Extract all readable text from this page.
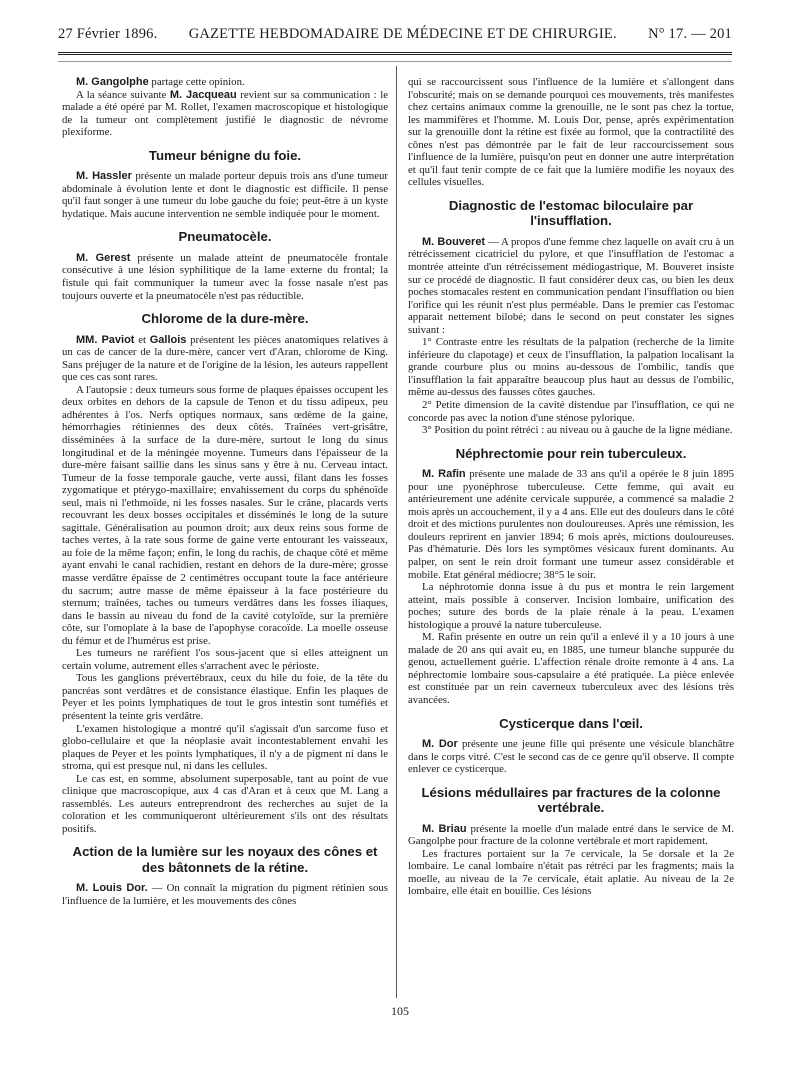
27 Février 1896. GAZETTE HEBDOMADAIRE DE MÉDECINE ET DE CHIRURGIE. N° 17. — 201

M. Gangolphe partage cette opinion.

A la séance suivante M. Jacqueau revient sur sa communication : le malade a été opéré par M. Rollet, l'examen macroscopique et histologique de la tumeur ont complètement justifié le diagnostic de névrome plexiforme.

Tumeur bénigne du foie.

M. Hassler présente un malade porteur depuis trois ans d'une tumeur abdominale à évolution lente et dont le diagnostic est difficile. Il pense qu'il faut songer à une tumeur du lobe gauche du foie; peut-être à un kyste hydatique. Mais aucune intervention ne semble indiquée pour le moment.

Pneumatocèle.

M. Gerest présente un malade atteint de pneumatocèle frontale consécutive à une lésion syphilitique de la lame externe du frontal; la fistule qui fait communiquer la tumeur avec la fosse nasale n'est pas toujours ouverte et la pneumatocèle n'est pas réductible.

Chlorome de la dure-mère.

MM. Paviot et Gallois présentent les pièces anatomiques relatives à un cas de cancer de la dure-mère, cancer vert d'Aran, chlorome de King. Sans préjuger de la nature et de l'origine de la lésion, les auteurs rappellent que ces cas sont rares.

A l'autopsie : deux tumeurs sous forme de plaques épaisses occupent les deux orbites en dehors de la capsule de Tenon et du tissu adipeux, peu adhérentes à l'os. Nerfs optiques normaux, sans œdème de la gaine, hémorrhagies rétiniennes des deux côtés. Traînées vert-grisâtre, disséminées à la surface de la dure-mère, surtout le long du sinus longitudinal et de la méningée moyenne. Tumeurs dans l'épaisseur de la dure-mère faisant saillie dans les sinus sans y être à nu. Cerveau intact. Tumeur de la fosse temporale gauche, verte aussi, filant dans les fosses zygomatique et ptérygo-maxillaire; envahissement du corps du sphénoïde seul, mais ni l'ethmoïde, ni les fosses nasales. Sur le crâne, placards verts recouvrant les deux bosses occipitales et disséminés le long de la suture sagittale. Généralisation au poumon droit; aux deux reins sous forme de taches vertes, à la rate sous forme de gaine verte entourant les vaisseaux, au foie de la même façon; enfin, le long du rachis, de chaque côté et même ayant envahi le canal rachidien, restant en dehors de la dure-mère; grosse masse verdâtre épaisse de 2 centimètres occupant toute la face antérieure du sacrum; autre masse de même épaisseur à la face postérieure du sternum; traînées, taches ou tumeurs verdâtres dans les fosses iliaques, dans le bassin au niveau du fond de la cavité cotyloïde, sur la première côte, sur l'omoplate à la base de l'apophyse coracoïde. La moelle osseuse du fémur et de l'humérus est prise.

Les tumeurs ne raréfient l'os sous-jacent que si elles atteignent un certain volume, autrement elles s'arrachent avec le périoste.

Tous les ganglions prévertébraux, ceux du hile du foie, de la tête du pancréas sont verdâtres et de consistance élastique. Enfin les plaques de Peyer et les points lymphatiques de tout le gros intestin sont tuméfiés et présentent la teinte gris verdâtre.

L'examen histologique a montré qu'il s'agissait d'un sarcome fuso et globo-cellulaire et que la néoplasie avait incontestablement envahi les plaques de Peyer et les points lymphatiques, il n'y a de pigment ni dans le stroma, qui est presque nul, ni dans les cellules.

Le cas est, en somme, absolument superposable, tant au point de vue clinique que macroscopique, aux 4 cas d'Aran et à ceux que M. Lang a rassemblés. Les auteurs entreprendront des recherches au sujet de la coloration et les communiqueront ultérieurement s'ils ont des résultats positifs.

Action de la lumière sur les noyaux des cônes et des bâtonnets de la rétine.

M. Louis Dor. — On connaît la migration du pigment rétinien sous l'influence de la lumière, et les mouvements des cônes

qui se raccourcissent sous l'influence de la lumière et s'allongent dans l'obscurité; mais on se demande pourquoi ces mouvements, très manifestes chez certains animaux comme la grenouille, ne le sont pas chez la tortue, les mammifères et l'homme. M. Louis Dor, pense, après expérimentation sur la grenouille dont la rétine est fixée au formol, que la contractilité des cônes n'est pas démontrée par le fait de leur raccourcissement sous l'influence de la lumière, puisqu'on peut en donner une autre interprétation et qu'il faut tenir compte de ce fait que la lumière modifie les noyaux des cellules visuelles.

Diagnostic de l'estomac biloculaire par l'insufflation.

M. Bouveret — A propos d'une femme chez laquelle on avait cru à un rétrécissement cicatriciel du pylore, et que l'insufflation de l'estomac a montrée atteinte d'un rétrécissement médiogastrique, M. Bouveret insiste sur ce procédé de diagnostic. Il faut considérer deux cas, ou bien les deux poches stomacales restent en communication pendant l'insufflation ou bien l'orifice qui les réunit n'est plus perméable. Dans le premier cas l'estomac apparait nettement bilobé; dans le second on peut constater les signes suivant :

1° Contraste entre les résultats de la palpation (recherche de la limite inférieure du clapotage) et ceux de l'insufflation, la palpation localisant la grande courbure plus ou moins au-dessous de l'ombilic, tandis que l'insufflation la fait apparaître beaucoup plus haut au dessus de l'ombilic, même au-dessus des fausses côtes gauches.

2° Petite dimension de la cavité distendue par l'insufflation, ce qui ne concorde pas avec la notion d'une sténose pylorique.

3° Position du point rétréci : au niveau ou à gauche de la ligne médiane.

Néphrectomie pour rein tuberculeux.

M. Rafin présente une malade de 33 ans qu'il a opérée le 8 juin 1895 pour une pyonéphrose tuberculeuse. Cette femme, qui avait eu antérieurement une adénite cervicale suppurée, a commencé sa maladie 2 mois après un accouchement, il y a 4 ans. Elle eut des douleurs dans le côté droit et des mictions purulentes non douloureuses. Après une rémission, les douleurs reprirent en janvier 1894; 6 mois après, mictions douloureuses. Pas d'hématurie. Dès lors les symptômes vésicaux furent dominants. Au palper, on sent le rein droit formant une tumeur assez considérable et mobile. Etat général médiocre; 38°5 le soir.

La néphrotomie donna issue à du pus et montra le rein largement atteint, mais possible à conserver. Incision lombaire, unification des poches; suture des bords de la plaie rénale à la peau. L'examen histologique a prouvé la nature tuberculeuse.

M. Rafin présente en outre un rein qu'il a enlevé il y a 10 jours à une malade de 20 ans qui avait eu, en 1885, une tumeur blanche suppurée du genou, actuellement guérie. L'affection rénale droite remonte à 4 ans. La néphrectomie lombaire sous-capsulaire a été pratiquée. La pièce enlevée est constituée par un rein caverneux tuberculeux avec des lésions très avancées.

Cysticerque dans l'œil.

M. Dor présente une jeune fille qui présente une vésicule blanchâtre dans le corps vitré. C'est le second cas de ce genre qu'il observe. Il compte enlever ce cysticerque.

Lésions médullaires par fractures de la colonne vertébrale.

M. Briau présente la moelle d'un malade entré dans le service de M. Gangolphe pour fracture de la colonne vertébrale et mort rapidement.

Les fractures portaient sur la 7e cervicale, la 5e dorsale et la 2e lombaire. Le canal lombaire n'était pas rétréci par les fragments; mais la moelle, au niveau de la 7e cervicale, était aplatie. Au niveau de la 2e lombaire, elle était en bouillie. Ces lésions

105
